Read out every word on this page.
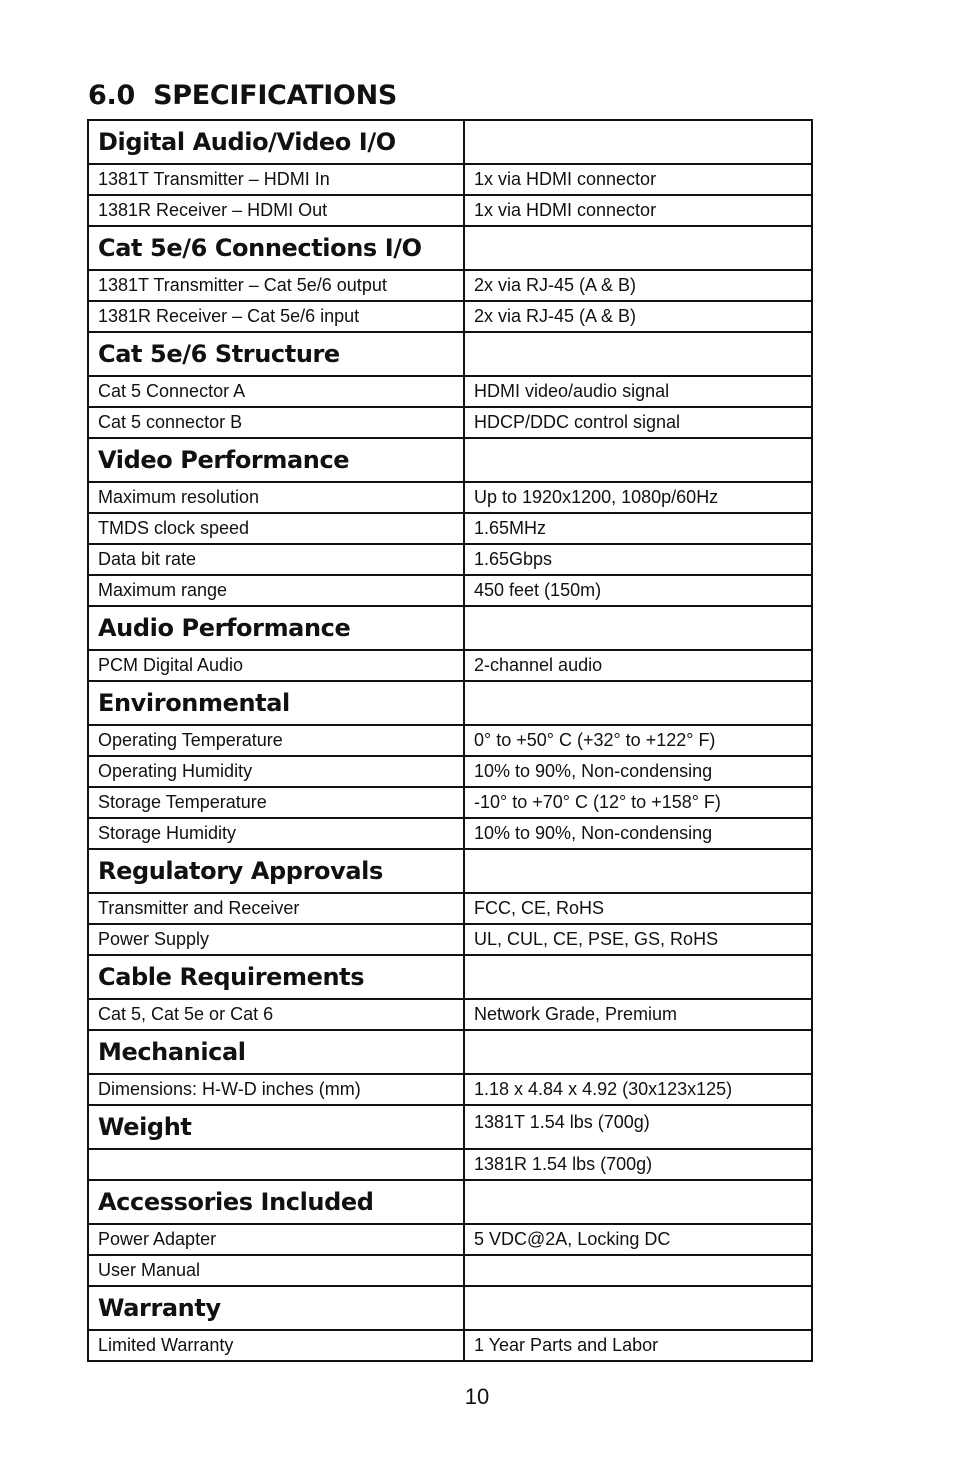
6.0  SPECIFICATIONS
Digital Audio/Video I/O	
1381T Transmitter – HDMI In	1x via HDMI connector
1381R Receiver – HDMI Out	1x via HDMI connector
Cat 5e/6 Connections I/O	
1381T Transmitter – Cat 5e/6 output	2x via RJ-45 (A & B)
1381R Receiver – Cat 5e/6 input	2x via RJ-45 (A & B)
Cat 5e/6 Structure	
Cat 5 Connector A	HDMI video/audio signal
Cat 5 connector B	HDCP/DDC control signal
Video Performance	
Maximum resolution	Up to 1920x1200, 1080p/60Hz
TMDS clock speed	1.65MHz
Data bit rate	1.65Gbps
Maximum range	450 feet (150m)
Audio Performance	
PCM Digital Audio	2-channel audio
Environmental	
Operating Temperature	0° to +50° C (+32° to +122° F)
Operating Humidity	10% to 90%, Non-condensing
Storage Temperature	-10° to +70° C (12° to +158° F)
Storage Humidity	10% to 90%, Non-condensing
Regulatory Approvals	
Transmitter and Receiver	FCC, CE, RoHS
Power Supply	UL, CUL, CE, PSE, GS, RoHS
Cable Requirements	
Cat 5, Cat 5e or Cat 6	Network Grade, Premium
Mechanical	
Dimensions: H-W-D inches (mm)	1.18 x 4.84 x 4.92 (30x123x125)
Weight	1381T 1.54 lbs (700g)
	1381R 1.54 lbs (700g)
Accessories Included	
Power Adapter	5 VDC@2A, Locking DC
User Manual	
Warranty	
Limited Warranty	1 Year Parts and Labor
10
